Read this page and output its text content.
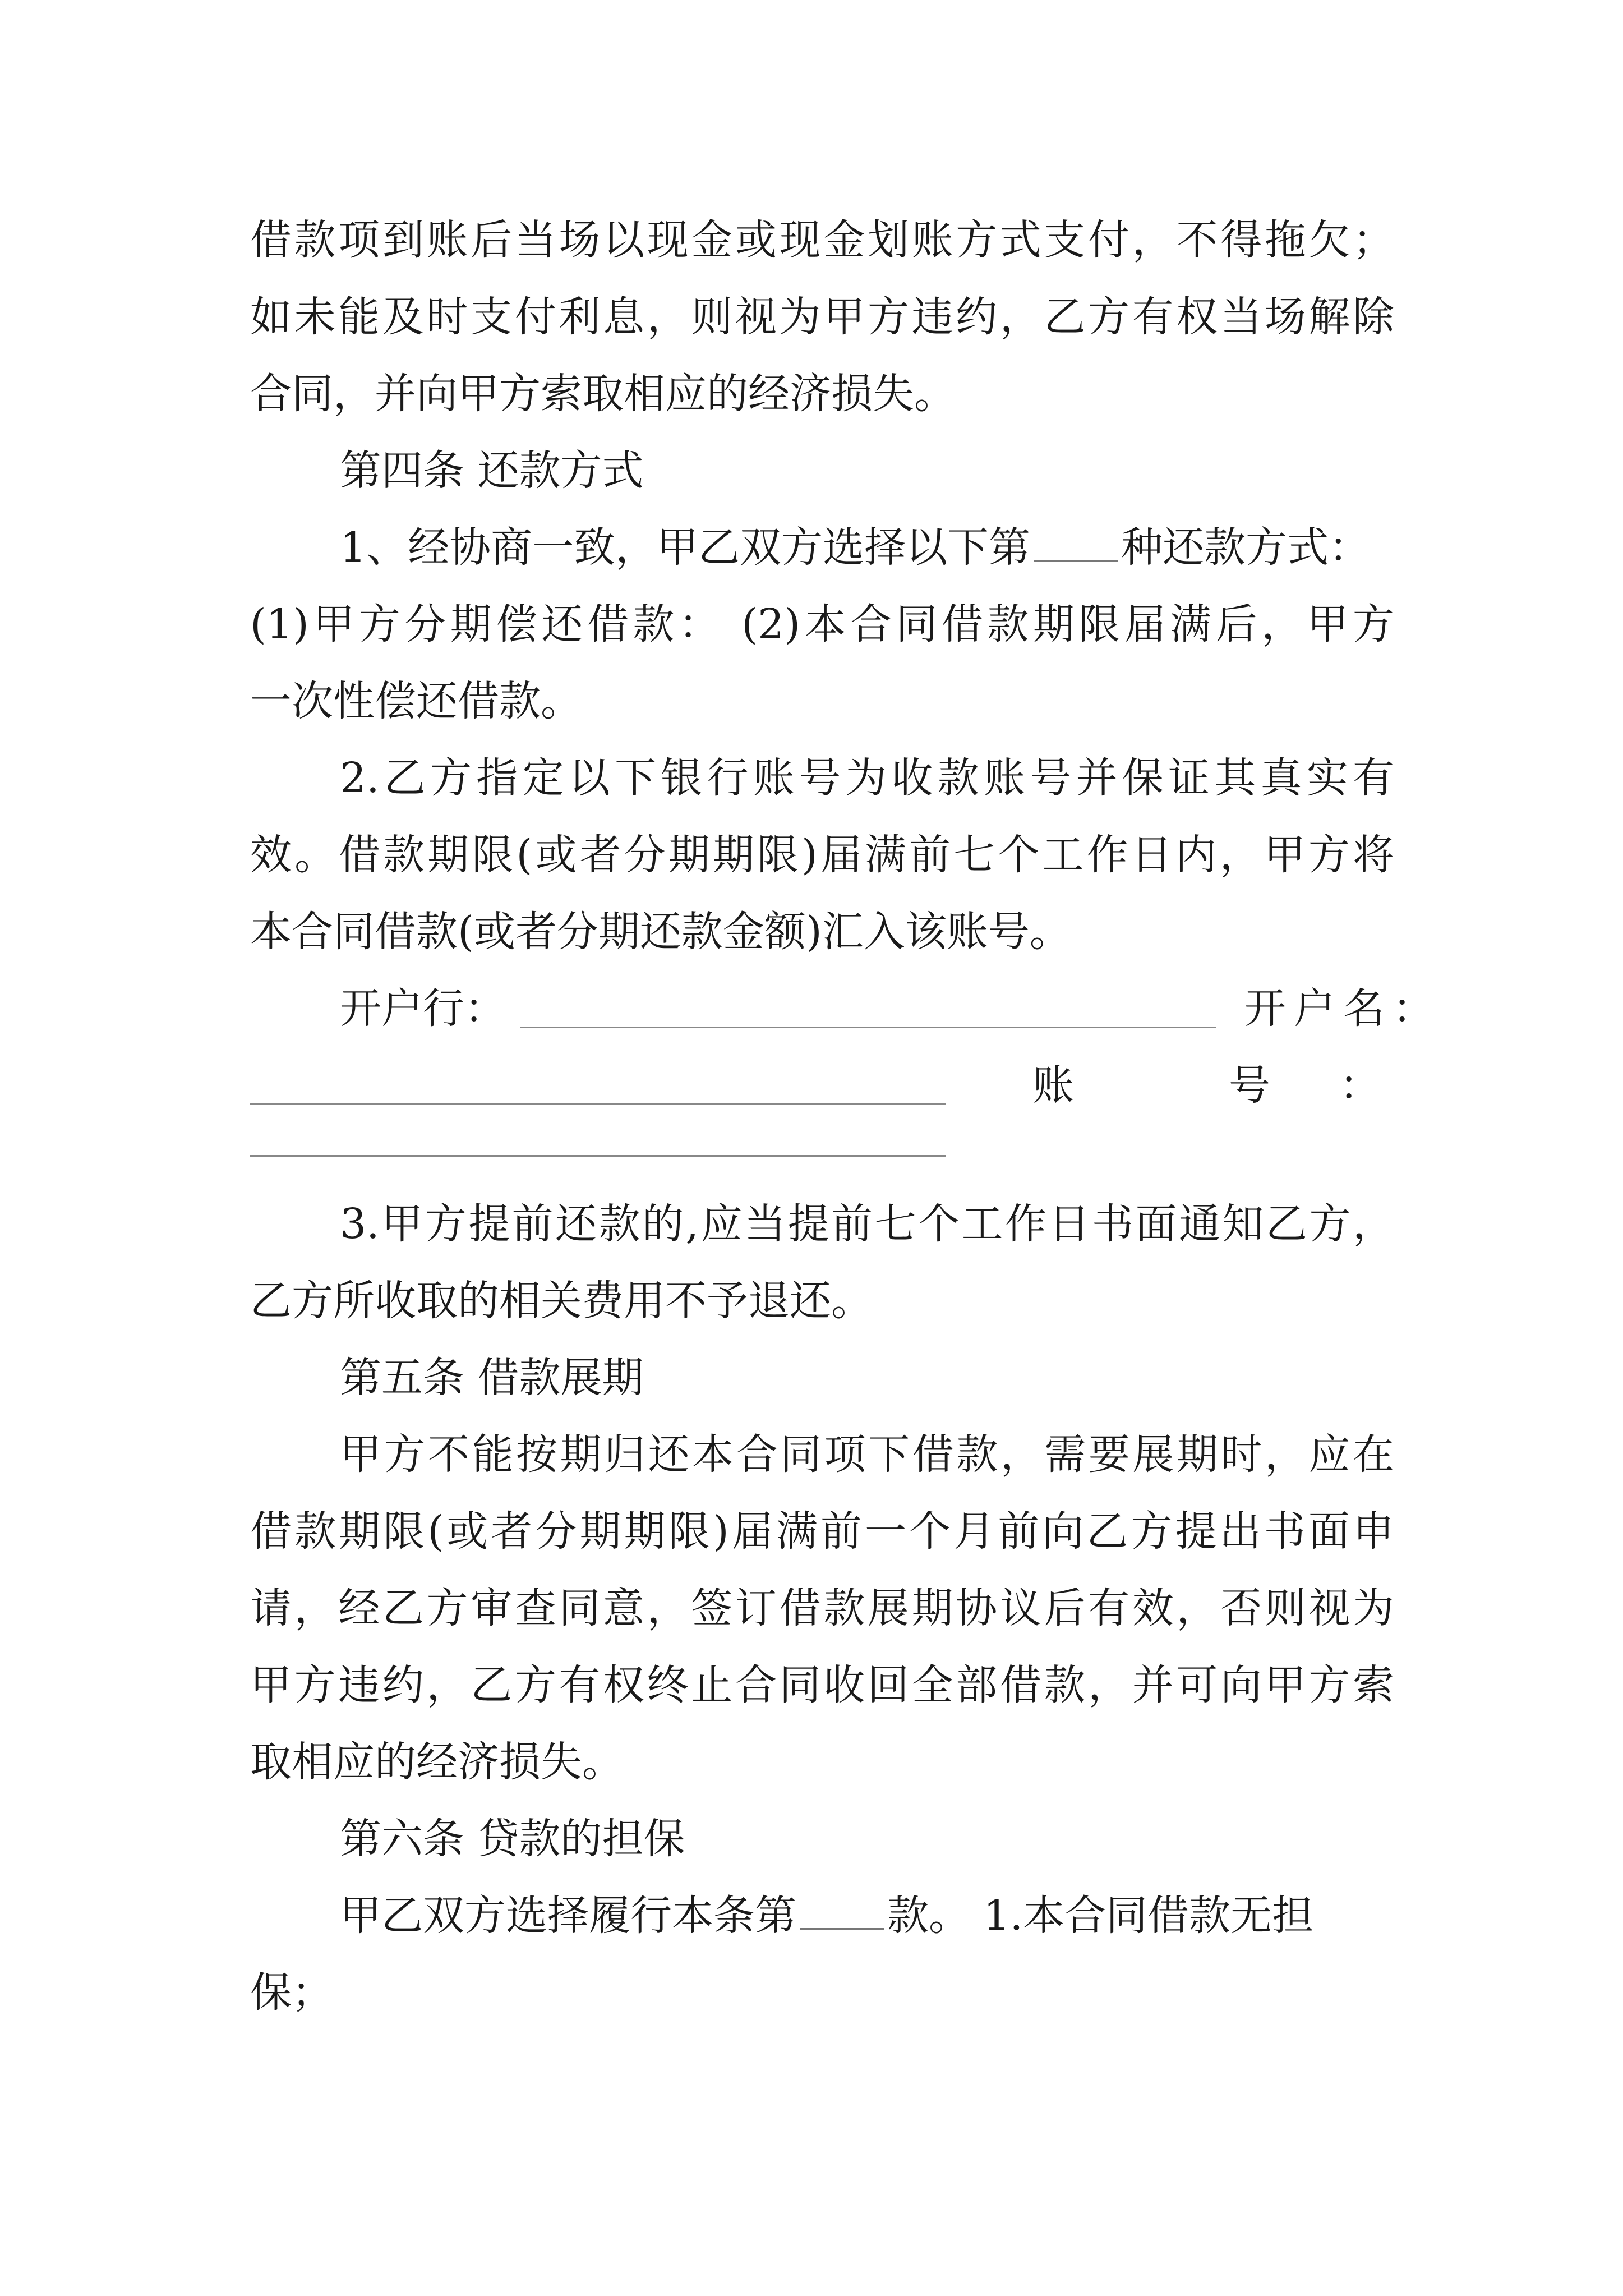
借款项到账后当场以现金或现金划账方式支付，不得拖欠；
如未能及时支付利息，则视为甲方违约，乙方有权当场解除
合同，并向甲方索取相应的经济损失。
第四条 还款方式
1、经协商一致，甲乙双方选择以下第 种还款方式：
(1)甲方分期偿还借款： (2)本合同借款期限届满后，甲方
一次性偿还借款。
2.乙方指定以下银行账号为收款账号并保证其真实有
效。借款期限(或者分期期限)届满前七个工作日内，甲方将
本合同借款(或者分期还款金额)汇入该账号。
开户行：	开户名：
账	号 ：
3.甲方提前还款的,应当提前七个工作日书面通知乙方，
乙方所收取的相关费用不予退还。
第五条 借款展期
甲方不能按期归还本合同项下借款，需要展期时，应在
借款期限(或者分期期限)届满前一个月前向乙方提出书面申
请，经乙方审查同意，签订借款展期协议后有效，否则视为
甲方违约，乙方有权终止合同收回全部借款，并可向甲方索
取相应的经济损失。
第六条 贷款的担保
甲乙双方选择履行本条第 款。 1.本合同借款无担
保；
